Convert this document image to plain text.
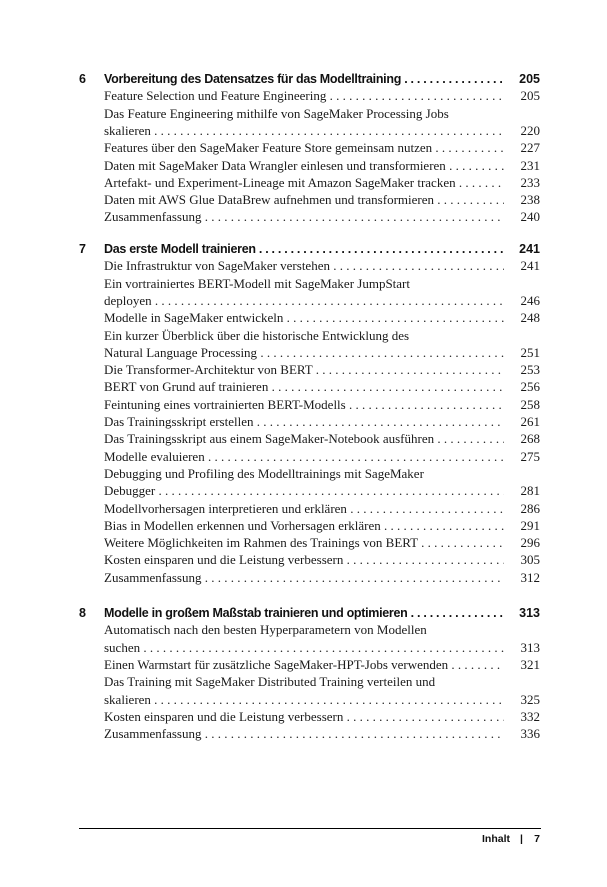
6 Vorbereitung des Datensatzes für das Modelltraining . . .	205
Feature Selection und Feature Engineering . . .	205
Das Feature Engineering mithilfe von SageMaker Processing Jobs
skalieren . . .	220
Features über den SageMaker Feature Store gemeinsam nutzen . . .	227
Daten mit SageMaker Data Wrangler einlesen und transformieren . . .	231
Artefakt- und Experiment-Lineage mit Amazon SageMaker tracken . . .	233
Daten mit AWS Glue DataBrew aufnehmen und transformieren . . .	238
Zusammenfassung . . .	240
7 Das erste Modell trainieren . . .	241
Die Infrastruktur von SageMaker verstehen . . .	241
Ein vortrainiertes BERT-Modell mit SageMaker JumpStart
deployen . . .	246
Modelle in SageMaker entwickeln . . .	248
Ein kurzer Überblick über die historische Entwicklung des
Natural Language Processing . . .	251
Die Transformer-Architektur von BERT . . .	253
BERT von Grund auf trainieren . . .	256
Feintuning eines vortrainierten BERT-Modells . . .	258
Das Trainingsskript erstellen . . .	261
Das Trainingsskript aus einem SageMaker-Notebook ausführen . . .	268
Modelle evaluieren . . .	275
Debugging und Profiling des Modelltrainings mit SageMaker
Debugger . . .	281
Modellvorhersagen interpretieren und erklären . . .	286
Bias in Modellen erkennen und Vorhersagen erklären . . .	291
Weitere Möglichkeiten im Rahmen des Trainings von BERT . . .	296
Kosten einsparen und die Leistung verbessern . . .	305
Zusammenfassung . . .	312
8 Modelle in großem Maßstab trainieren und optimieren . . .	313
Automatisch nach den besten Hyperparametern von Modellen
suchen . . .	313
Einen Warmstart für zusätzliche SageMaker-HPT-Jobs verwenden . . .	321
Das Training mit SageMaker Distributed Training verteilen und
skalieren . . .	325
Kosten einsparen und die Leistung verbessern . . .	332
Zusammenfassung . . .	336
Inhalt | 7
